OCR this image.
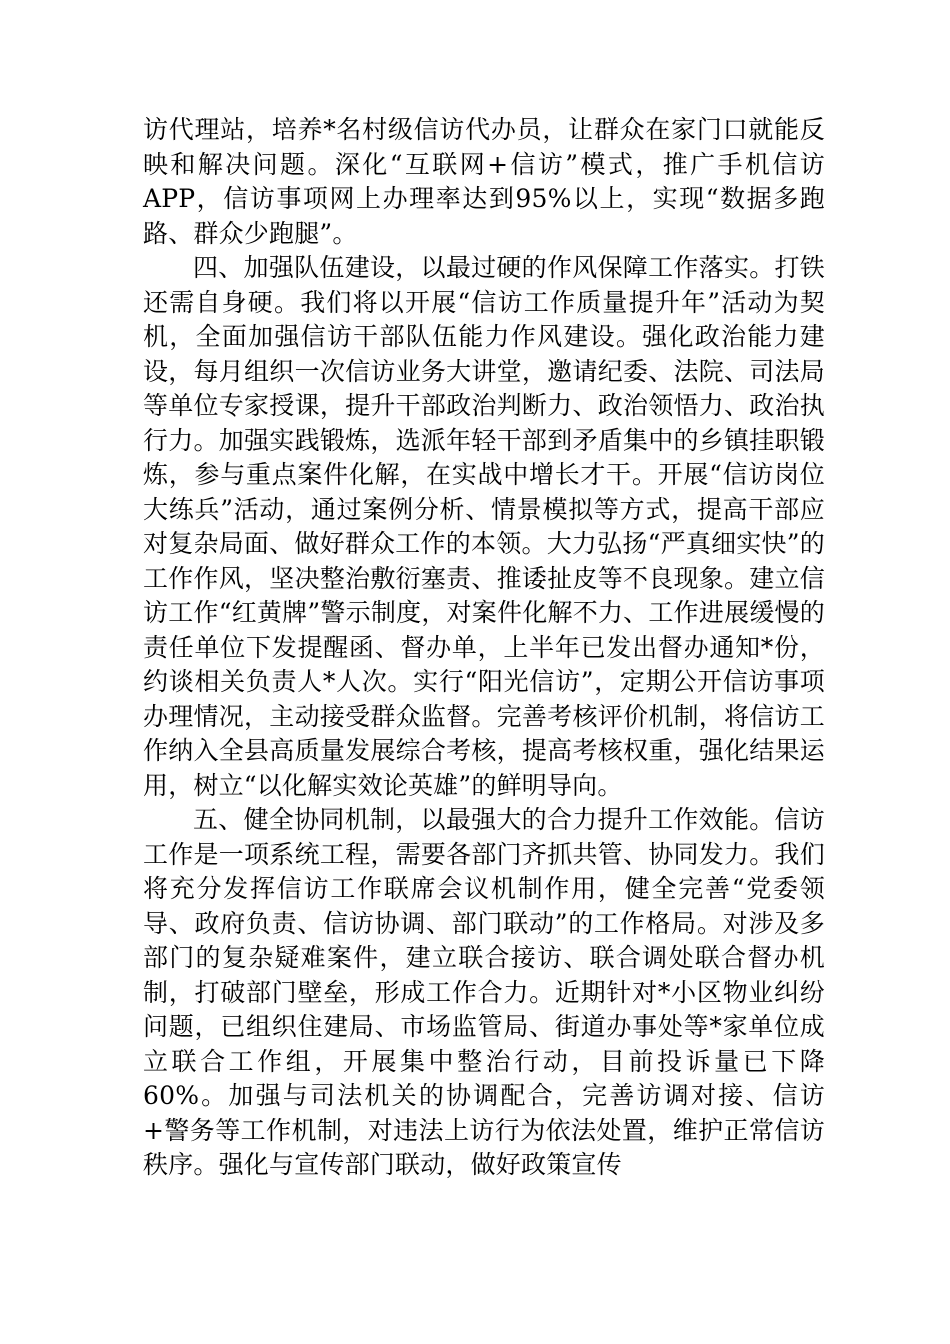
访代理站，培养*名村级信访代办员，让群众在家门口就能反映和解决问题。深化“互联网+信访”模式，推广手机信访APP，信访事项网上办理率达到95%以上，实现“数据多跑路、群众少跑腿”。

四、加强队伍建设，以最过硬的作风保障工作落实。打铁还需自身硬。我们将以开展“信访工作质量提升年”活动为契机，全面加强信访干部队伍能力作风建设。强化政治能力建设，每月组织一次信访业务大讲堂，邀请纪委、法院、司法局等单位专家授课，提升干部政治判断力、政治领悟力、政治执行力。加强实践锻炼，选派年轻干部到矛盾集中的乡镇挂职锻炼，参与重点案件化解，在实战中增长才干。开展“信访岗位大练兵”活动，通过案例分析、情景模拟等方式，提高干部应对复杂局面、做好群众工作的本领。大力弘扬“严真细实快”的工作作风，坚决整治敷衍塞责、推诿扯皮等不良现象。建立信访工作“红黄牌”警示制度，对案件化解不力、工作进展缓慢的责任单位下发提醒函、督办单，上半年已发出督办通知*份，约谈相关负责人*人次。实行“阳光信访”，定期公开信访事项办理情况，主动接受群众监督。完善考核评价机制，将信访工作纳入全县高质量发展综合考核，提高考核权重，强化结果运用，树立“以化解实效论英雄”的鲜明导向。

五、健全协同机制，以最强大的合力提升工作效能。信访工作是一项系统工程，需要各部门齐抓共管、协同发力。我们将充分发挥信访工作联席会议机制作用，健全完善“党委领导、政府负责、信访协调、部门联动”的工作格局。对涉及多部门的复杂疑难案件，建立联合接访、联合调处联合督办机制，打破部门壁垒，形成工作合力。近期针对*小区物业纠纷问题，已组织住建局、市场监管局、街道办事处等*家单位成立联合工作组，开展集中整治行动，目前投诉量已下降60%。加强与司法机关的协调配合，完善访调对接、信访+警务等工作机制，对违法上访行为依法处置，维护正常信访秩序。强化与宣传部门联动，做好政策宣传
